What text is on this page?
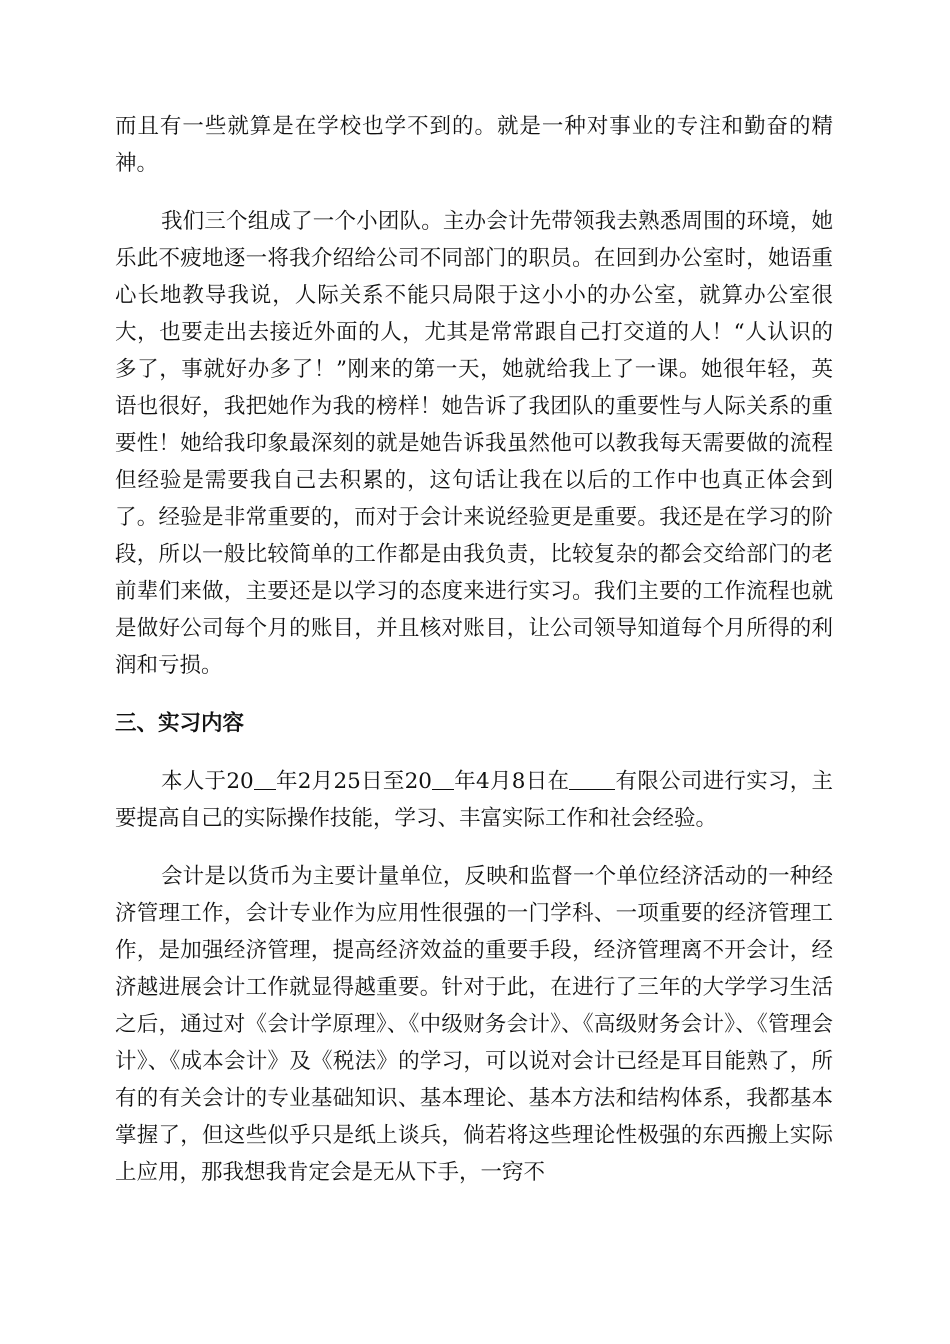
而且有一些就算是在学校也学不到的。就是一种对事业的专注和勤奋的精神。

我们三个组成了一个小团队。主办会计先带领我去熟悉周围的环境，她乐此不疲地逐一将我介绍给公司不同部门的职员。在回到办公室时，她语重心长地教导我说，人际关系不能只局限于这小小的办公室，就算办公室很大，也要走出去接近外面的人，尤其是常常跟自己打交道的人！“人认识的多了，事就好办多了！”刚来的第一天，她就给我上了一课。她很年轻，英语也很好，我把她作为我的榜样！她告诉了我团队的重要性与人际关系的重要性！她给我印象最深刻的就是她告诉我虽然他可以教我每天需要做的流程但经验是需要我自己去积累的，这句话让我在以后的工作中也真正体会到了。经验是非常重要的，而对于会计来说经验更是重要。我还是在学习的阶段，所以一般比较简单的工作都是由我负责，比较复杂的都会交给部门的老前辈们来做，主要还是以学习的态度来进行实习。我们主要的工作流程也就是做好公司每个月的账目，并且核对账目，让公司领导知道每个月所得的利润和亏损。

三、实习内容

本人于20 年2月25日至20 年4月8日在 有限公司进行实习，主要提高自己的实际操作技能，学习、丰富实际工作和社会经验。

会计是以货币为主要计量单位，反映和监督一个单位经济活动的一种经济管理工作，会计专业作为应用性很强的一门学科、一项重要的经济管理工作，是加强经济管理，提高经济效益的重要手段，经济管理离不开会计，经济越进展会计工作就显得越重要。针对于此，在进行了三年的大学学习生活之后，通过对《会计学原理》、《中级财务会计》、《高级财务会计》、《管理会计》、《成本会计》及《税法》的学习，可以说对会计已经是耳目能熟了，所有的有关会计的专业基础知识、基本理论、基本方法和结构体系，我都基本掌握了，但这些似乎只是纸上谈兵，倘若将这些理论性极强的东西搬上实际上应用，那我想我肯定会是无从下手，一窍不
